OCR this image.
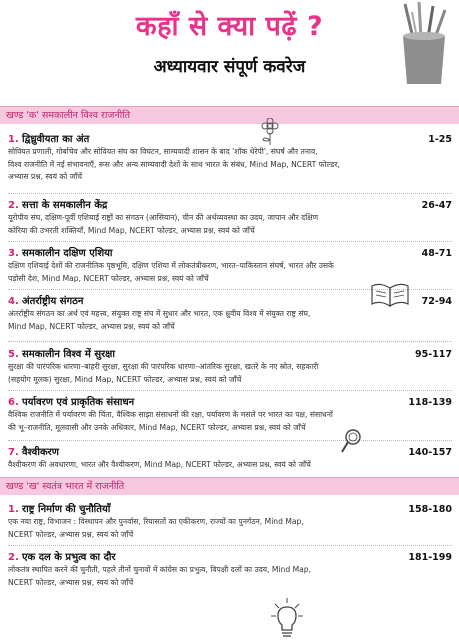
कहाँ से क्या पढ़ें ?
अध्यायवार संपूर्ण कवरेज
खण्ड 'क' समकालीन विश्व राजनीति
1. द्विध्रुवीयता का अंत	1-25
सोवियत प्रणाली, गोर्बाचेव और सोवियत संघ का विघटन, साम्यवादी शासन के बाद 'शॉक थेरेपी', संघर्ष और तनाव,
विश्व राजनीति में नई संभावनाएँ, रूस और अन्य साम्यवादी देशों के साथ भारत के संबंध, Mind Map, NCERT फोल्डर,
अभ्यास प्रश्न, स्वयं को जाँचें
2. सत्ता के समकालीन केंद्र	26-47
यूरोपीय संघ, दक्षिण-पूर्वी एशियाई राष्ट्रों का संगठन (आसियान), चीन की अर्थव्यवस्था का उदय, जापान और दक्षिण
कोरिया की उभरती शक्तियाँ, Mind Map, NCERT फोल्डर, अभ्यास प्रश्न, स्वयं को जाँचें
3. समकालीन दक्षिण एशिया	48-71
दक्षिण एशियाई देशों की राजनीतिक पृष्ठभूमि, दक्षिण एशिया में लोकतंत्रीकरण, भारत–पाकिस्तान संघर्ष, भारत और उसके
पड़ोसी देश, Mind Map, NCERT फोल्डर, अभ्यास प्रश्न, स्वयं को जाँचें
4. अंतर्राष्ट्रीय संगठन	72-94
अंतर्राष्ट्रीय संगठन का अर्थ एवं महत्त्व, संयुक्त राष्ट्र संघ में सुधार और भारत, एक ध्रुवीय विश्व में संयुक्त राष्ट्र संघ,
Mind Map, NCERT फोल्डर, अभ्यास प्रश्न, स्वयं को जाँचें
5. समकालीन विश्व में सुरक्षा	95-117
सुरक्षा की पारंपरिक धारणा–बाहरी सुरक्षा, सुरक्षा की पारंपरिक धारणा–आंतरिक सुरक्षा, खतरे के नए स्रोत, सहकारी
(सहयोग मूलक) सुरक्षा, Mind Map, NCERT फोल्डर, अभ्यास प्रश्न, स्वयं को जाँचें
6. पर्यावरण एवं प्राकृतिक संसाधन	118-139
वैश्विक राजनीति में पर्यावरण की चिंता, वैश्विक साझा संसाधनों की रक्षा, पर्यावरण के मसले पर भारत का पक्ष, संसाधनों
की भू–राजनीति, मूलवासी और उनके अधिकार, Mind Map, NCERT फोल्डर, अभ्यास प्रश्न, स्वयं को जाँचें
7. वैश्वीकरण	140-157
वैश्वीकरण की अवधारणा, भारत और वैश्वीकरण, Mind Map, NCERT फोल्डर, अभ्यास प्रश्न, स्वयं को जाँचें
खण्ड 'ख' स्वतंत्र भारत में राजनीति
1. राष्ट्र निर्माण की चुनौतियाँ	158-180
एक नया राष्ट्र, विभाजन : विस्थापन और पुनर्वास, रियासतों का एकीकरण, राज्यों का पुनर्गठन, Mind Map,
NCERT फोल्डर, अभ्यास प्रश्न, स्वयं को जाँचें
2. एक दल के प्रभुत्व का दौर	181-199
लोकतंत्र स्थापित करने की चुनौती, पहले तीनों चुनावों में कांग्रेस का प्रभुत्व, विपक्षी दलों का उदय, Mind Map,
NCERT फोल्डर, अभ्यास प्रश्न, स्वयं को जाँचें
